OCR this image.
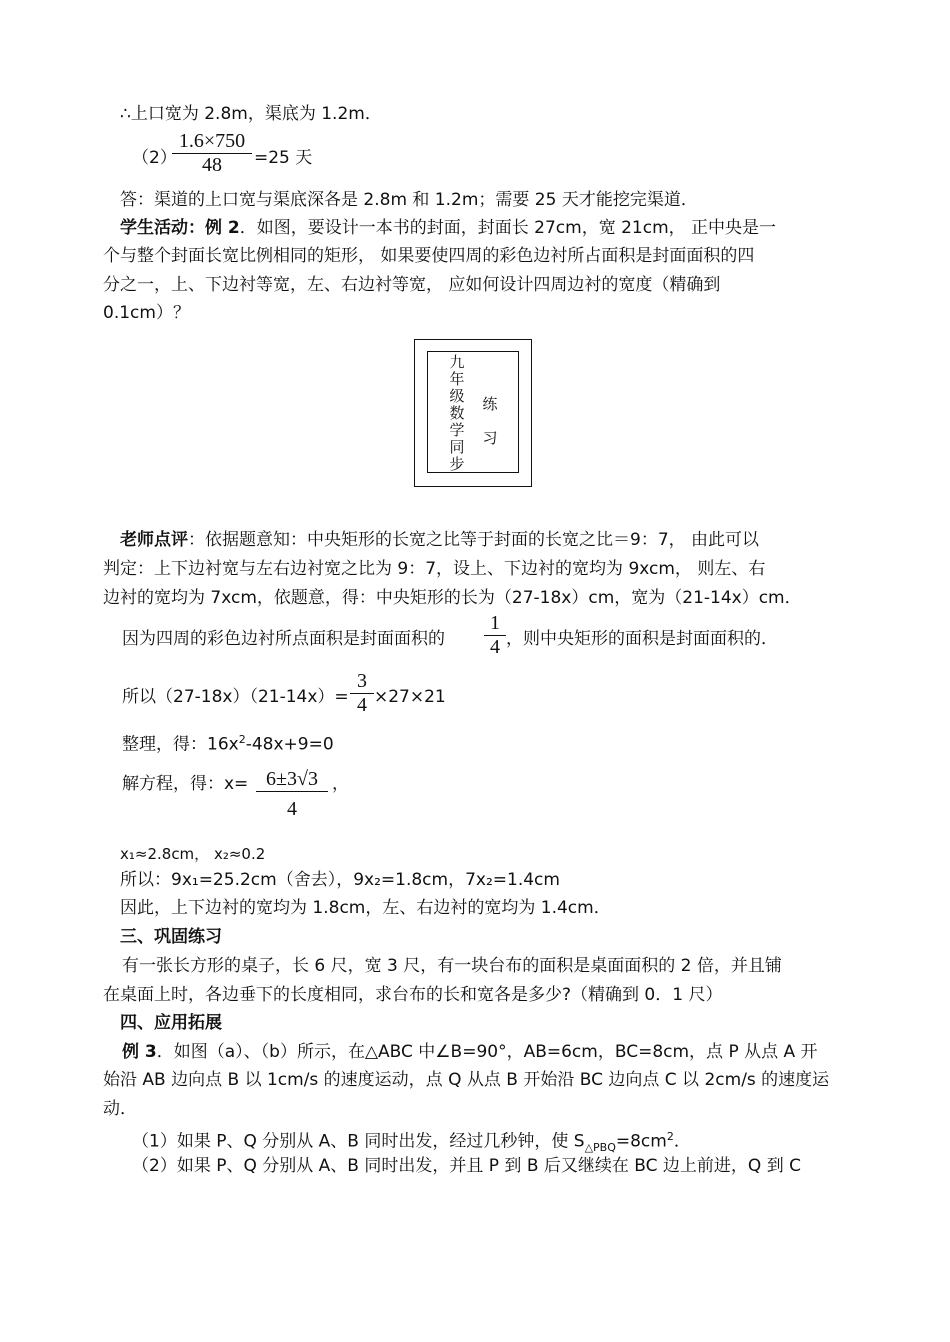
∴上口宽为 2.8m，渠底为 1.2m．
（2）
$\frac{1.6\times 750}{48} =25$ 天
答：渠道的上口宽与渠底深各是 2.8m 和 1.2m；需要 25 天才能挖完渠道．
学生活动：例 2．如图，要设计一本书的封面，封面长 27cm，宽 21cm， 正中央是一
个与整个封面长宽比例相同的矩形， 如果要使四周的彩色边衬所占面积是封面面积的四
分之一，上、下边衬等宽，左、右边衬等宽， 应如何设计四周边衬的宽度（精确到
0.1cm）？
九
年
级
数
学
同
步
练
习
老师点评：依据题意知：中央矩形的长宽之比等于封面的长宽之比＝9：7， 由此可以
判定：上下边衬宽与左右边衬宽之比为 9：7，设上、下边衬的宽均为 9xcm， 则左、右
边衬的宽均为 7xcm，依题意，得：中央矩形的长为（27-18x）cm，宽为（21-14x）cm．
因为四周的彩色边衬所点面积是封面面积的 $\frac{1}{4}$ ，则中央矩形的面积是封面面积的．
所以$(27-18x)(21-14x)= \frac{3}{4} \times 27\times 21$
整理，得：$16x^2-48x+9=0$
解方程，得：$x= \frac{6\pm 3√3}{4}$ ，
x₁≈2.8cm， x₂≈0.2
所以：9x₁=25.2cm（舍去），9x₂=1.8cm，7x₂=1.4cm
因此，上下边衬的宽均为 1.8cm，左、右边衬的宽均为 1.4cm．
三、巩固练习
有一张长方形的桌子，长 6 尺，宽 3 尺，有一块台布的面积是桌面面积的 2 倍，并且铺
在桌面上时，各边垂下的长度相同，求台布的长和宽各是多少?（精确到 0．1 尺）
四、应用拓展
例 3．如图（a）、（b）所示，在△ABC 中∠B=90°，AB=6cm，BC=8cm，点 P 从点 A 开
始沿 AB 边向点 B 以 1cm/s 的速度运动，点 Q 从点 B 开始沿 BC 边向点 C 以 2cm/s 的速度运
动．
（1）如果 P、Q 分别从 A、B 同时出发，经过几秒钟，使 $S_{\triangle PBQ}=8cm^2$．
（2）如果 P、Q 分别从 A、B 同时出发，并且 P 到 B 后又继续在 BC 边上前进，Q 到 C
